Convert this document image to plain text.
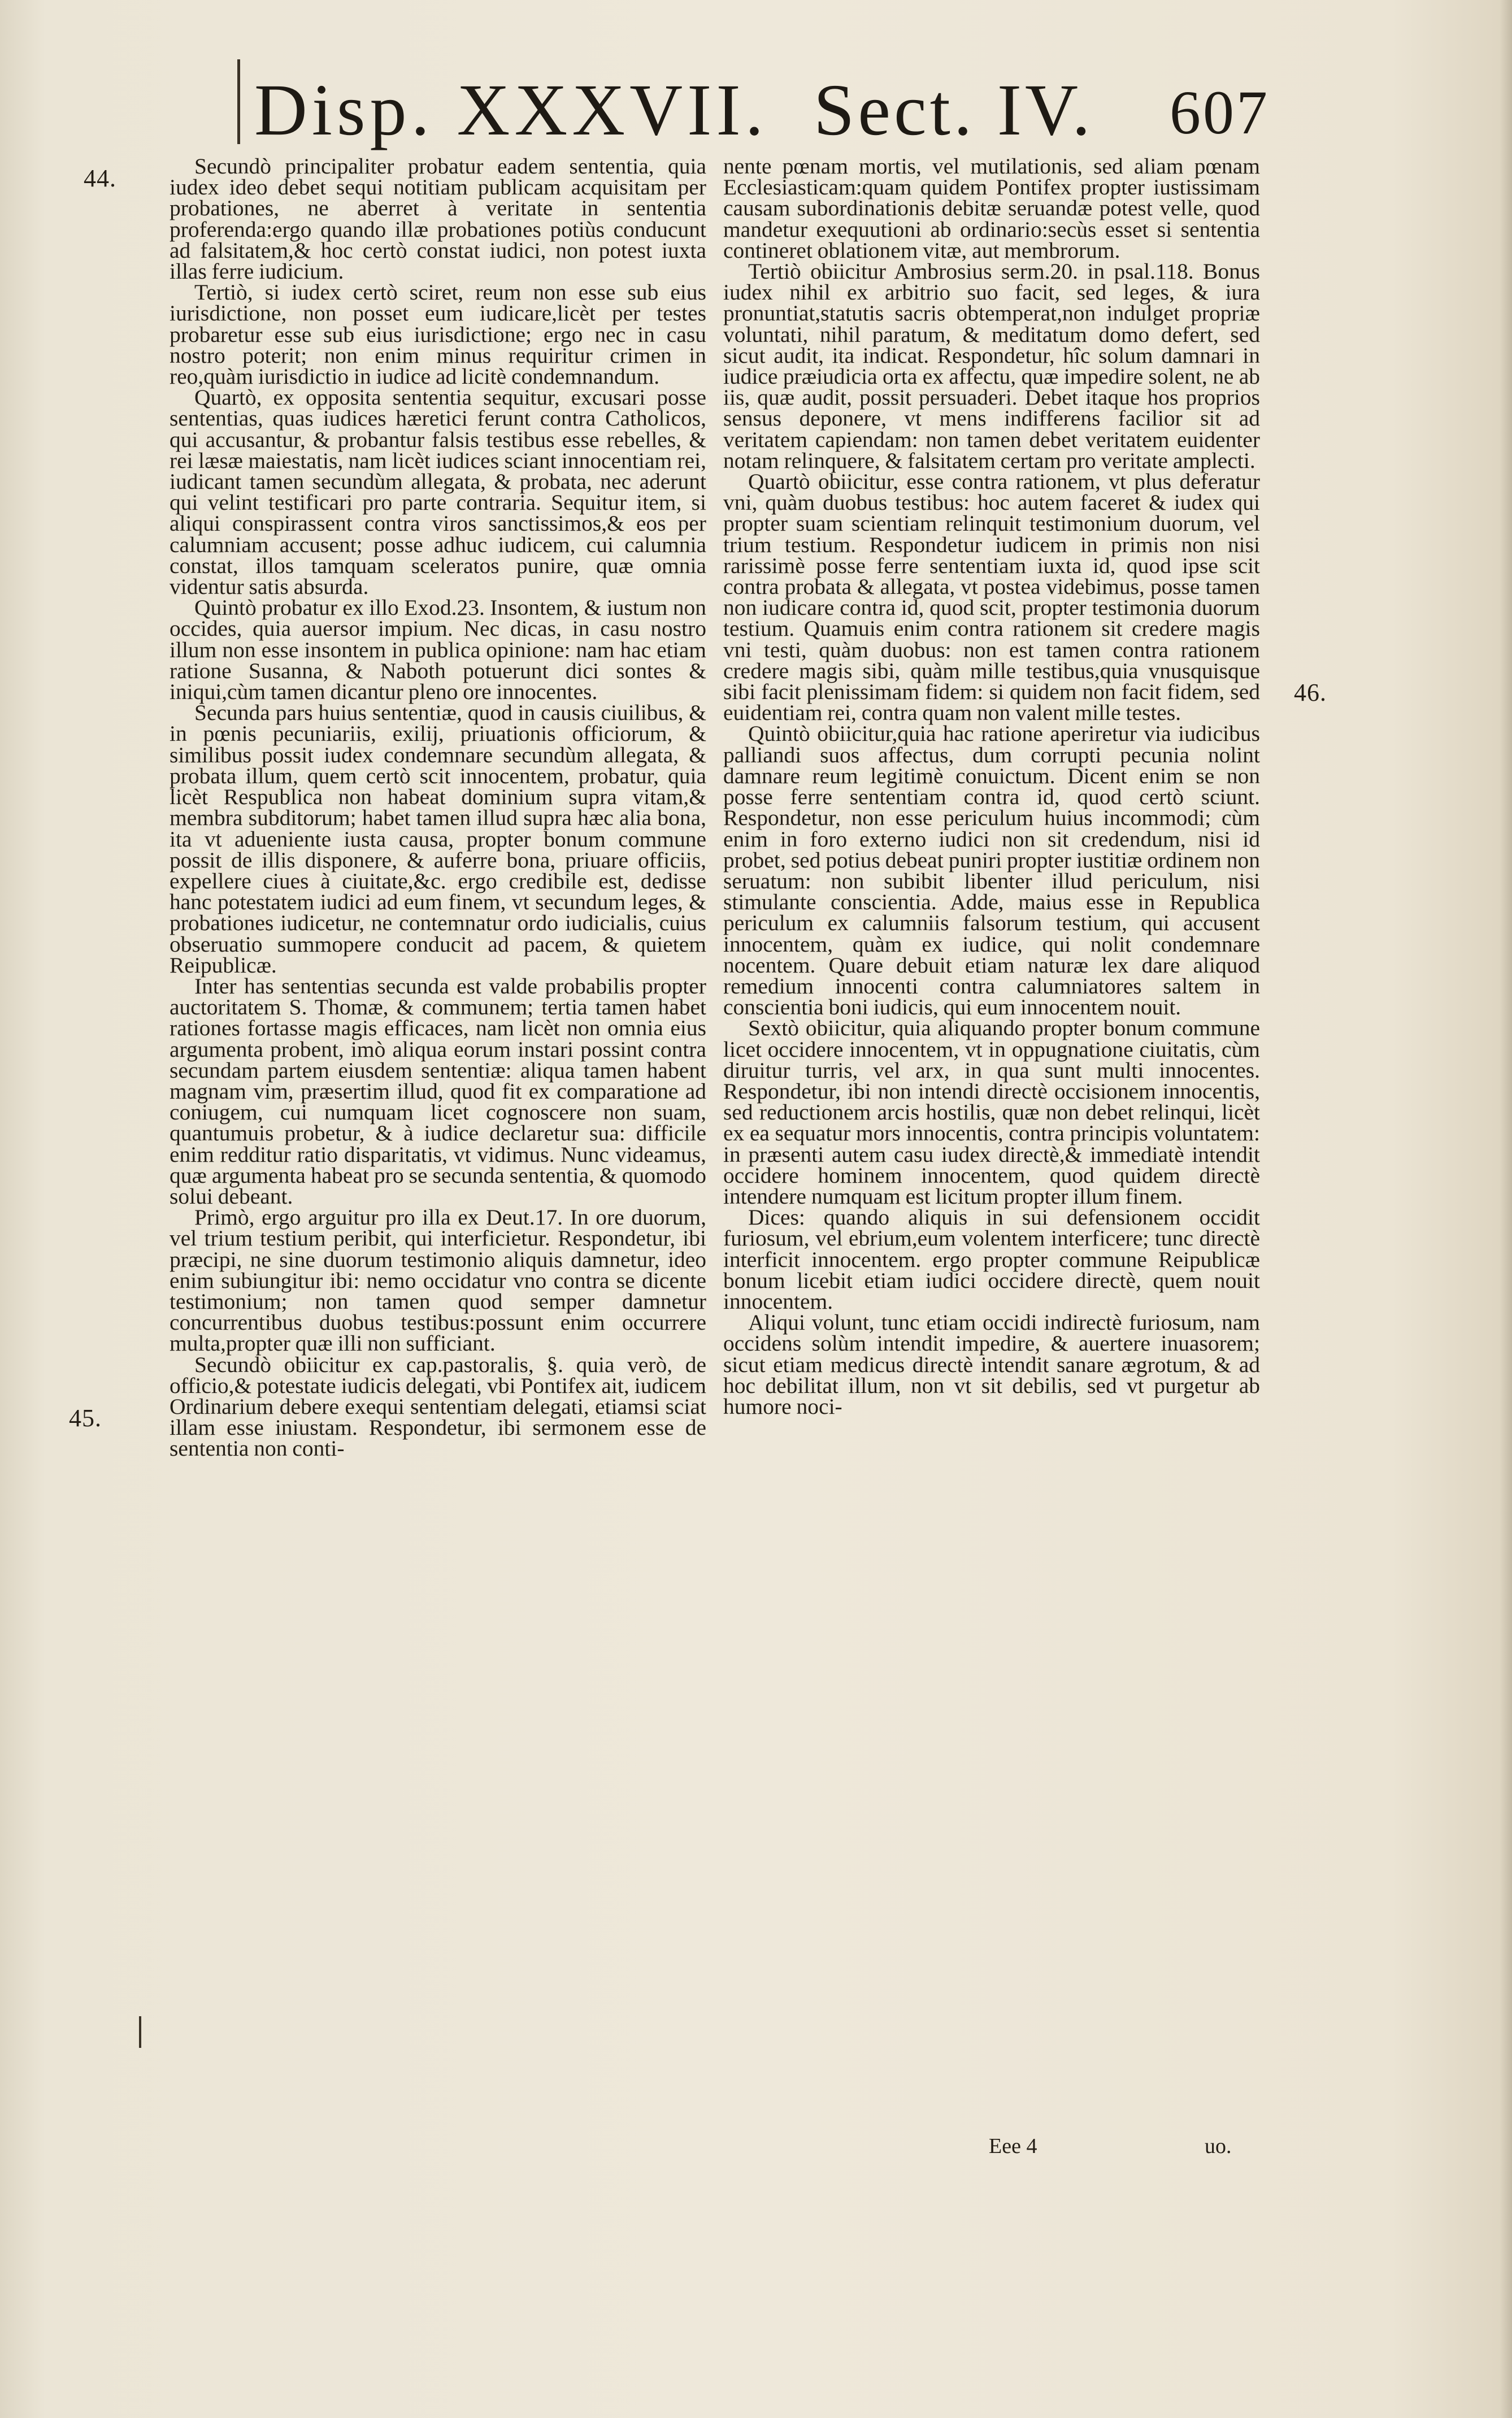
Disp. XXXVII. Sect. IV. 607
44.
45.
46.

Secundò principaliter probatur eadem sententia, quia iudex ideo debet sequi notitiam publicam acquisitam per probationes, ne aberret à veritate in sententia proferenda:ergo quando illæ probationes potiùs conducunt ad falsitatem,& hoc certò constat iudici, non potest iuxta illas ferre iudicium.

Tertiò, si iudex certò sciret, reum non esse sub eius iurisdictione, non posset eum iudicare,licèt per testes probaretur esse sub eius iurisdictione; ergo nec in casu nostro poterit; non enim minus requiritur crimen in reo,quàm iurisdictio in iudice ad licitè condemnandum.

Quartò, ex opposita sententia sequitur, excusari posse sententias, quas iudices hæretici ferunt contra Catholicos, qui accusantur, & probantur falsis testibus esse rebelles, & rei læsæ maiestatis, nam licèt iudices sciant innocentiam rei, iudicant tamen secundùm allegata, & probata, nec aderunt qui velint testificari pro parte contraria. Sequitur item, si aliqui conspirassent contra viros sanctissimos,& eos per calumniam accusent; posse adhuc iudicem, cui calumnia constat, illos tamquam sceleratos punire, quæ omnia videntur satis absurda.

Quintò probatur ex illo Exod.23. Insontem, & iustum non occides, quia auersor impium. Nec dicas, in casu nostro illum non esse insontem in publica opinione: nam hac etiam ratione Susanna, & Naboth potuerunt dici sontes & iniqui,cùm tamen dicantur pleno ore innocentes.

Secunda pars huius sententiæ, quod in causis ciuilibus, & in pœnis pecuniariis, exilij, priuationis officiorum, & similibus possit iudex condemnare secundùm allegata, & probata illum, quem certò scit innocentem, probatur, quia licèt Respublica non habeat dominium supra vitam,& membra subditorum; habet tamen illud supra hæc alia bona, ita vt adueniente iusta causa, propter bonum commune possit de illis disponere, & auferre bona, priuare officiis, expellere ciues à ciuitate,&c. ergo credibile est, dedisse hanc potestatem iudici ad eum finem, vt secundum leges, & probationes iudicetur, ne contemnatur ordo iudicialis, cuius obseruatio summopere conducit ad pacem, & quietem Reipublicæ.

Inter has sententias secunda est valde probabilis propter auctoritatem S. Thomæ, & communem; tertia tamen habet rationes fortasse magis efficaces, nam licèt non omnia eius argumenta probent, imò aliqua eorum instari possint contra secundam partem eiusdem sententiæ: aliqua tamen habent magnam vim, præsertim illud, quod fit ex comparatione ad coniugem, cui numquam licet cognoscere non suam, quantumuis probetur, & à iudice declaretur sua: difficile enim redditur ratio disparitatis, vt vidimus. Nunc videamus, quæ argumenta habeat pro se secunda sententia, & quomodo solui debeant.

Primò, ergo arguitur pro illa ex Deut.17. In ore duorum, vel trium testium peribit, qui interficietur. Respondetur, ibi præcipi, ne sine duorum testimonio aliquis damnetur, ideo enim subiungitur ibi: nemo occidatur vno contra se dicente testimonium; non tamen quod semper damnetur concurrentibus duobus testibus:possunt enim occurrere multa,propter quæ illi non sufficiant.

Secundò obiicitur ex cap.pastoralis, §. quia verò, de officio,& potestate iudicis delegati, vbi Pontifex ait, iudicem Ordinarium debere exequi sententiam delegati, etiamsi sciat illam esse iniustam. Respondetur, ibi sermonem esse de sententia non conti-

nente pœnam mortis, vel mutilationis, sed aliam pœnam Ecclesiasticam:quam quidem Pontifex propter iustissimam causam subordinationis debitæ seruandæ potest velle, quod mandetur exequutioni ab ordinario:secùs esset si sententia contineret oblationem vitæ, aut membrorum.

Tertiò obiicitur Ambrosius serm.20. in psal.118. Bonus iudex nihil ex arbitrio suo facit, sed leges, & iura pronuntiat,statutis sacris obtemperat,non indulget propriæ voluntati, nihil paratum, & meditatum domo defert, sed sicut audit, ita indicat. Respondetur, hîc solum damnari in iudice præiudicia orta ex affectu, quæ impedire solent, ne ab iis, quæ audit, possit persuaderi. Debet itaque hos proprios sensus deponere, vt mens indifferens facilior sit ad veritatem capiendam: non tamen debet veritatem euidenter notam relinquere, & falsitatem certam pro veritate amplecti.

Quartò obiicitur, esse contra rationem, vt plus deferatur vni, quàm duobus testibus: hoc autem faceret & iudex qui propter suam scientiam relinquit testimonium duorum, vel trium testium. Respondetur iudicem in primis non nisi rarissimè posse ferre sententiam iuxta id, quod ipse scit contra probata & allegata, vt postea videbimus, posse tamen non iudicare contra id, quod scit, propter testimonia duorum testium. Quamuis enim contra rationem sit credere magis vni testi, quàm duobus: non est tamen contra rationem credere magis sibi, quàm mille testibus,quia vnusquisque sibi facit plenissimam fidem: si quidem non facit fidem, sed euidentiam rei, contra quam non valent mille testes.

Quintò obiicitur,quia hac ratione aperiretur via iudicibus palliandi suos affectus, dum corrupti pecunia nolint damnare reum legitimè conuictum. Dicent enim se non posse ferre sententiam contra id, quod certò sciunt. Respondetur, non esse periculum huius incommodi; cùm enim in foro externo iudici non sit credendum, nisi id probet, sed potius debeat puniri propter iustitiæ ordinem non seruatum: non subibit libenter illud periculum, nisi stimulante conscientia. Adde, maius esse in Republica periculum ex calumniis falsorum testium, qui accusent innocentem, quàm ex iudice, qui nolit condemnare nocentem. Quare debuit etiam naturæ lex dare aliquod remedium innocenti contra calumniatores saltem in conscientia boni iudicis, qui eum innocentem nouit.

Sextò obiicitur, quia aliquando propter bonum commune licet occidere innocentem, vt in oppugnatione ciuitatis, cùm diruitur turris, vel arx, in qua sunt multi innocentes. Respondetur, ibi non intendi directè occisionem innocentis, sed reductionem arcis hostilis, quæ non debet relinqui, licèt ex ea sequatur mors innocentis, contra principis voluntatem: in præsenti autem casu iudex directè,& immediatè intendit occidere hominem innocentem, quod quidem directè intendere numquam est licitum propter illum finem.

Dices: quando aliquis in sui defensionem occidit furiosum, vel ebrium,eum volentem interficere; tunc directè interficit innocentem. ergo propter commune Reipublicæ bonum licebit etiam iudici occidere directè, quem nouit innocentem.

Aliqui volunt, tunc etiam occidi indirectè furiosum, nam occidens solùm intendit impedire, & auertere inuasorem; sicut etiam medicus directè intendit sanare ægrotum, & ad hoc debilitat illum, non vt sit debilis, sed vt purgetur ab humore noci-

Eee 4	uo.
